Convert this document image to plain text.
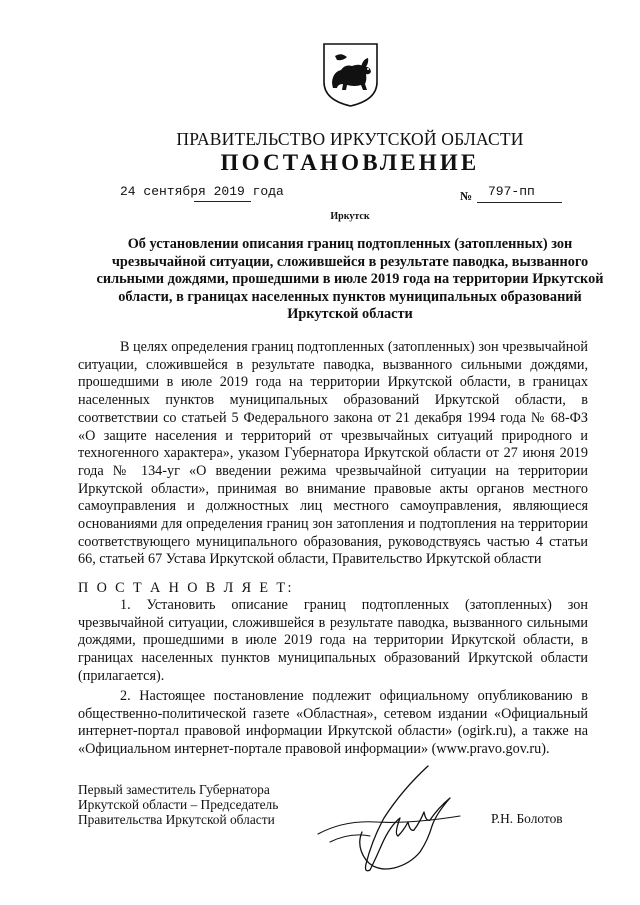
ПРАВИТЕЛЬСТВО ИРКУТСКОЙ ОБЛАСТИ
ПОСТАНОВЛЕНИЕ
24 сентября 2019 года	№ 797-пп
Иркутск
Об установлении описания границ подтопленных (затопленных) зон чрезвычайной ситуации, сложившейся в результате паводка, вызванного сильными дождями, прошедшими в июле 2019 года на территории Иркутской области, в границах населенных пунктов муниципальных образований Иркутской области
В целях определения границ подтопленных (затопленных) зон чрезвычайной ситуации, сложившейся в результате паводка, вызванного сильными дождями, прошедшими в июле 2019 года на территории Иркутской области, в границах населенных пунктов муниципальных образований Иркутской области, в соответствии со статьей 5 Федерального закона от 21 декабря 1994 года № 68-ФЗ «О защите населения и территорий от чрезвычайных ситуаций природного и техногенного характера», указом Губернатора Иркутской области от 27 июня 2019 года № 134-уг «О введении режима чрезвычайной ситуации на территории Иркутской области», принимая во внимание правовые акты органов местного самоуправления и должностных лиц местного самоуправления, являющиеся основаниями для определения границ зон затопления и подтопления на территории соответствующего муниципального образования, руководствуясь частью 4 статьи 66, статьей 67 Устава Иркутской области, Правительство Иркутской области
П О С Т А Н О В Л Я Е Т:
1. Установить описание границ подтопленных (затопленных) зон чрезвычайной ситуации, сложившейся в результате паводка, вызванного сильными дождями, прошедшими в июле 2019 года на территории Иркутской области, в границах населенных пунктов муниципальных образований Иркутской области (прилагается).
2. Настоящее постановление подлежит официальному опубликованию в общественно-политической газете «Областная», сетевом издании «Официальный интернет-портал правовой информации Иркутской области» (ogirk.ru), а также на «Официальном интернет-портале правовой информации» (www.pravo.gov.ru).
Первый заместитель Губернатора
Иркутской области – Председатель
Правительства Иркутской области	Р.Н. Болотов
